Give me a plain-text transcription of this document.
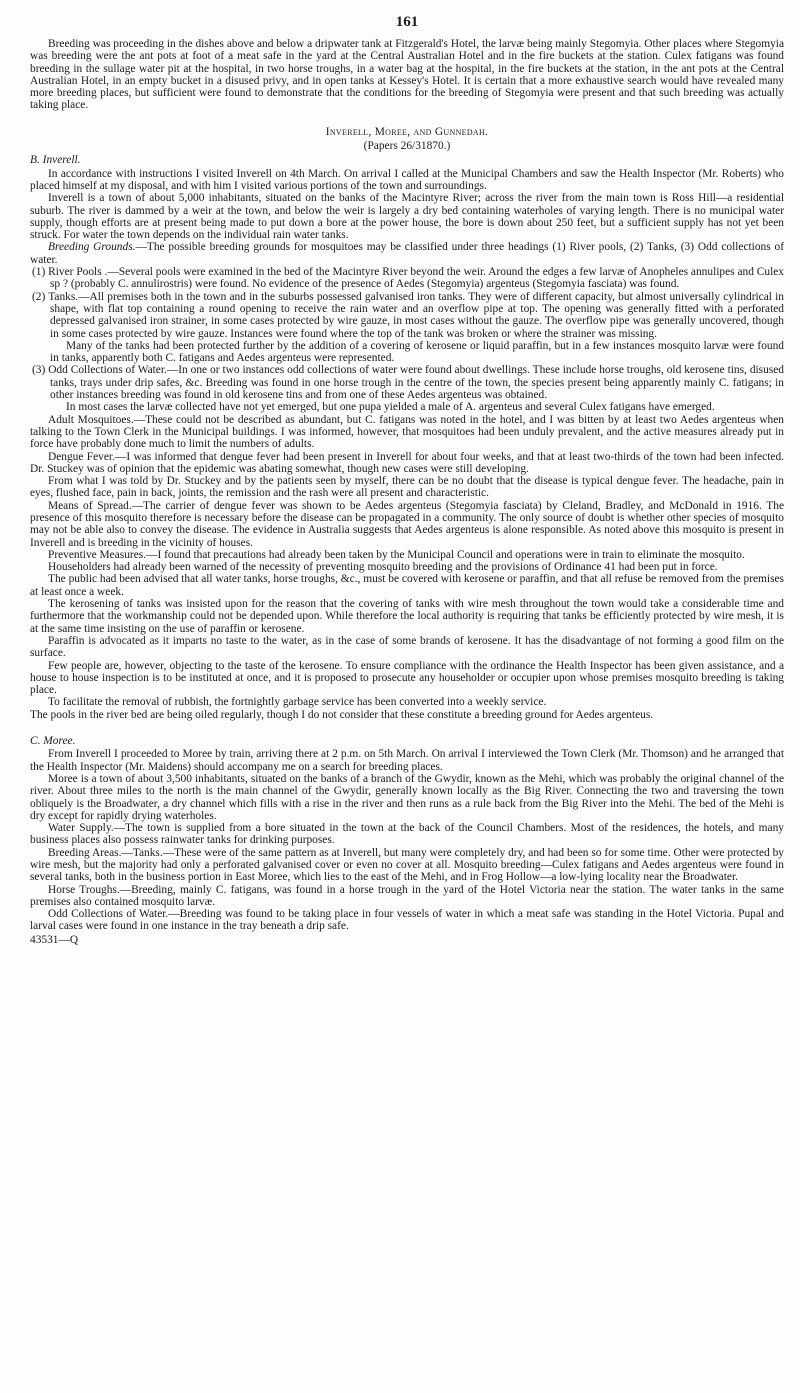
161

Breeding was proceeding in the dishes above and below a dripwater tank at Fitzgerald's Hotel, the larvæ being mainly Stegomyia. Other places where Stegomyia was breeding were the ant pots at foot of a meat safe in the yard at the Central Australian Hotel and in the fire buckets at the station. Culex fatigans was found breeding in the sullage water pit at the hospital, in two horse troughs, in a water bag at the hospital, in the fire buckets at the station, in the ant pots at the Central Australian Hotel, in an empty bucket in a disused privy, and in open tanks at Kessey's Hotel. It is certain that a more exhaustive search would have revealed many more breeding places, but sufficient were found to demonstrate that the conditions for the breeding of Stegomyia were present and that such breeding was actually taking place.

Inverell, Moree, and Gunnedah.
(Papers 26/31870.)
B. Inverell.

In accordance with instructions I visited Inverell on 4th March. On arrival I called at the Municipal Chambers and saw the Health Inspector (Mr. Roberts) who placed himself at my disposal, and with him I visited various portions of the town and surroundings.

Inverell is a town of about 5,000 inhabitants, situated on the banks of the Macintyre River; across the river from the main town is Ross Hill—a residential suburb. The river is dammed by a weir at the town, and below the weir is largely a dry bed containing waterholes of varying length. There is no municipal water supply, though efforts are at present being made to put down a bore at the power house, the bore is down about 250 feet, but a sufficient supply has not yet been struck. For water the town depends on the individual rain water tanks.

Breeding Grounds.—The possible breeding grounds for mosquitoes may be classified under three headings (1) River pools, (2) Tanks, (3) Odd collections of water.

(1) River Pools .—Several pools were examined in the bed of the Macintyre River beyond the weir. Around the edges a few larvæ of Anopheles annulipes and Culex sp ? (probably C. annulirostris) were found. No evidence of the presence of Aedes (Stegomyia) argenteus (Stegomyia fasciata) was found.

(2) Tanks.—All premises both in the town and in the suburbs possessed galvanised iron tanks. They were of different capacity, but almost universally cylindrical in shape, with flat top containing a round opening to receive the rain water and an overflow pipe at top. The opening was generally fitted with a perforated depressed galvanised iron strainer, in some cases protected by wire gauze, in most cases without the gauze. The overflow pipe was generally uncovered, though in some cases protected by wire gauze. Instances were found where the top of the tank was broken or where the strainer was missing.

Many of the tanks had been protected further by the addition of a covering of kerosene or liquid paraffin, but in a few instances mosquito larvæ were found in tanks, apparently both C. fatigans and Aedes argenteus were represented.

(3) Odd Collections of Water.—In one or two instances odd collections of water were found about dwellings. These include horse troughs, old kerosene tins, disused tanks, trays under drip safes, &c. Breeding was found in one horse trough in the centre of the town, the species present being apparently mainly C. fatigans; in other instances breeding was found in old kerosene tins and from one of these Aedes argenteus was obtained.

In most cases the larvæ collected have not yet emerged, but one pupa yielded a male of A. argenteus and several Culex fatigans have emerged.

Adult Mosquitoes.—These could not be described as abundant, but C. fatigans was noted in the hotel, and I was bitten by at least two Aedes argenteus when talking to the Town Clerk in the Municipal buildings. I was informed, however, that mosquitoes had been unduly prevalent, and the active measures already put in force have probably done much to limit the numbers of adults.

Dengue Fever.—I was informed that dengue fever had been present in Inverell for about four weeks, and that at least two-thirds of the town had been infected. Dr. Stuckey was of opinion that the epidemic was abating somewhat, though new cases were still developing.

From what I was told by Dr. Stuckey and by the patients seen by myself, there can be no doubt that the disease is typical dengue fever. The headache, pain in eyes, flushed face, pain in back, joints, the remission and the rash were all present and characteristic.

Means of Spread.—The carrier of dengue fever was shown to be Aedes argenteus (Stegomyia fasciata) by Cleland, Bradley, and McDonald in 1916. The presence of this mosquito therefore is necessary before the disease can be propagated in a community. The only source of doubt is whether other species of mosquito may not be able also to convey the disease. The evidence in Australia suggests that Aedes argenteus is alone responsible. As noted above this mosquito is present in Inverell and is breeding in the vicinity of houses.

Preventive Measures.—I found that precautions had already been taken by the Municipal Council and operations were in train to eliminate the mosquito.

Householders had already been warned of the necessity of preventing mosquito breeding and the provisions of Ordinance 41 had been put in force.

The public had been advised that all water tanks, horse troughs, &c., must be covered with kerosene or paraffin, and that all refuse be removed from the premises at least once a week.

The kerosening of tanks was insisted upon for the reason that the covering of tanks with wire mesh throughout the town would take a considerable time and furthermore that the workmanship could not be depended upon. While therefore the local authority is requiring that tanks be efficiently protected by wire mesh, it is at the same time insisting on the use of paraffin or kerosene.

Paraffin is advocated as it imparts no taste to the water, as in the case of some brands of kerosene. It has the disadvantage of not forming a good film on the surface.

Few people are, however, objecting to the taste of the kerosene. To ensure compliance with the ordinance the Health Inspector has been given assistance, and a house to house inspection is to be instituted at once, and it is proposed to prosecute any householder or occupier upon whose premises mosquito breeding is taking place.

To facilitate the removal of rubbish, the fortnightly garbage service has been converted into a weekly service.

The pools in the river bed are being oiled regularly, though I do not consider that these constitute a breeding ground for Aedes argenteus.

C. Moree.

From Inverell I proceeded to Moree by train, arriving there at 2 p.m. on 5th March. On arrival I interviewed the Town Clerk (Mr. Thomson) and he arranged that the Health Inspector (Mr. Maidens) should accompany me on a search for breeding places.

Moree is a town of about 3,500 inhabitants, situated on the banks of a branch of the Gwydir, known as the Mehi, which was probably the original channel of the river. About three miles to the north is the main channel of the Gwydir, generally known locally as the Big River. Connecting the two and traversing the town obliquely is the Broadwater, a dry channel which fills with a rise in the river and then runs as a rule back from the Big River into the Mehi. The bed of the Mehi is dry except for rapidly drying waterholes.

Water Supply.—The town is supplied from a bore situated in the town at the back of the Council Chambers. Most of the residences, the hotels, and many business places also possess rainwater tanks for drinking purposes.

Breeding Areas.—Tanks.—These were of the same pattern as at Inverell, but many were completely dry, and had been so for some time. Other were protected by wire mesh, but the majority had only a perforated galvanised cover or even no cover at all. Mosquito breeding—Culex fatigans and Aedes argenteus were found in several tanks, both in the business portion in East Moree, which lies to the east of the Mehi, and in Frog Hollow—a low-lying locality near the Broadwater.

Horse Troughs.—Breeding, mainly C. fatigans, was found in a horse trough in the yard of the Hotel Victoria near the station. The water tanks in the same premises also contained mosquito larvæ.

Odd Collections of Water.—Breeding was found to be taking place in four vessels of water in which a meat safe was standing in the Hotel Victoria. Pupal and larval cases were found in one instance in the tray beneath a drip safe.

43531—Q
